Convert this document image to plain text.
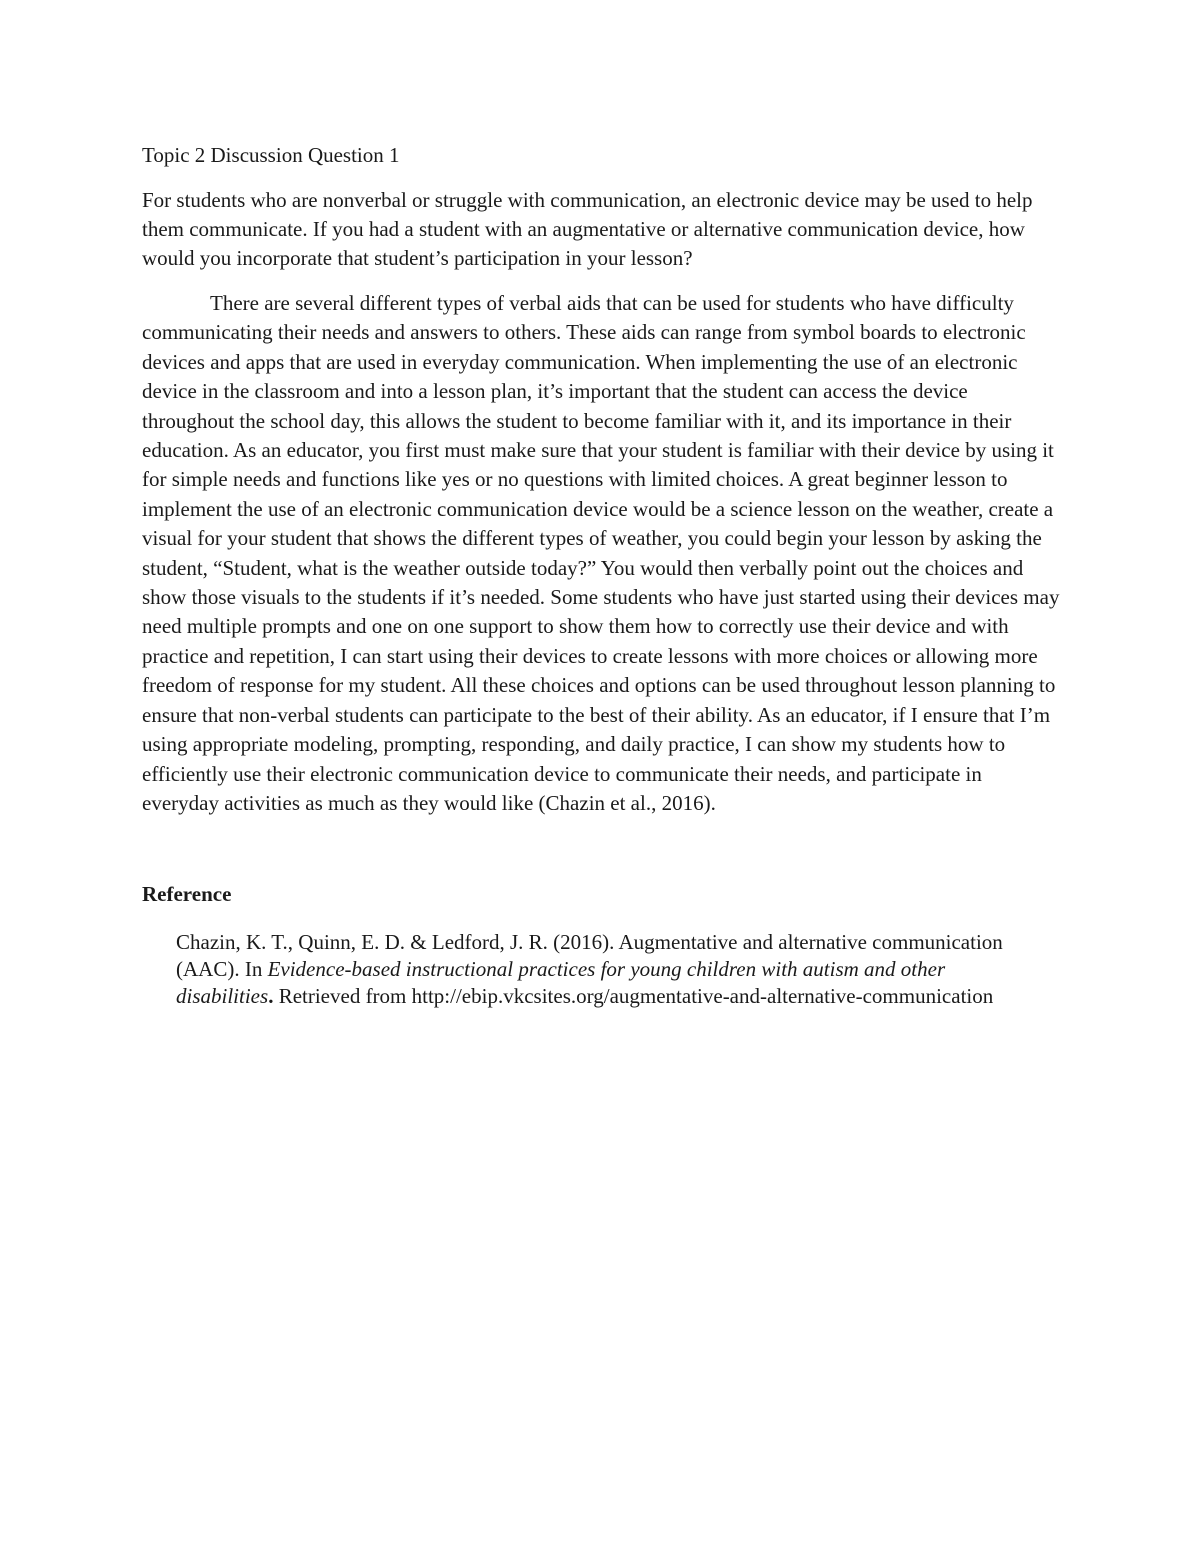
Topic 2 Discussion Question 1

For students who are nonverbal or struggle with communication, an electronic device may be used to help them communicate. If you had a student with an augmentative or alternative communication device, how would you incorporate that student’s participation in your lesson?

There are several different types of verbal aids that can be used for students who have difficulty communicating their needs and answers to others. These aids can range from symbol boards to electronic devices and apps that are used in everyday communication. When implementing the use of an electronic device in the classroom and into a lesson plan, it’s important that the student can access the device throughout the school day, this allows the student to become familiar with it, and its importance in their education. As an educator, you first must make sure that your student is familiar with their device by using it for simple needs and functions like yes or no questions with limited choices. A great beginner lesson to implement the use of an electronic communication device would be a science lesson on the weather, create a visual for your student that shows the different types of weather, you could begin your lesson by asking the student, “Student, what is the weather outside today?” You would then verbally point out the choices and show those visuals to the students if it’s needed. Some students who have just started using their devices may need multiple prompts and one on one support to show them how to correctly use their device and with practice and repetition, I can start using their devices to create lessons with more choices or allowing more freedom of response for my student. All these choices and options can be used throughout lesson planning to ensure that non-verbal students can participate to the best of their ability. As an educator, if I ensure that I’m using appropriate modeling, prompting, responding, and daily practice, I can show my students how to efficiently use their electronic communication device to communicate their needs, and participate in everyday activities as much as they would like (Chazin et al., 2016).

Reference

Chazin, K. T., Quinn, E. D. & Ledford, J. R. (2016). Augmentative and alternative communication (AAC). In Evidence-based instructional practices for young children with autism and other disabilities. Retrieved from http://ebip.vkcsites.org/augmentative-and-alternative-communication
